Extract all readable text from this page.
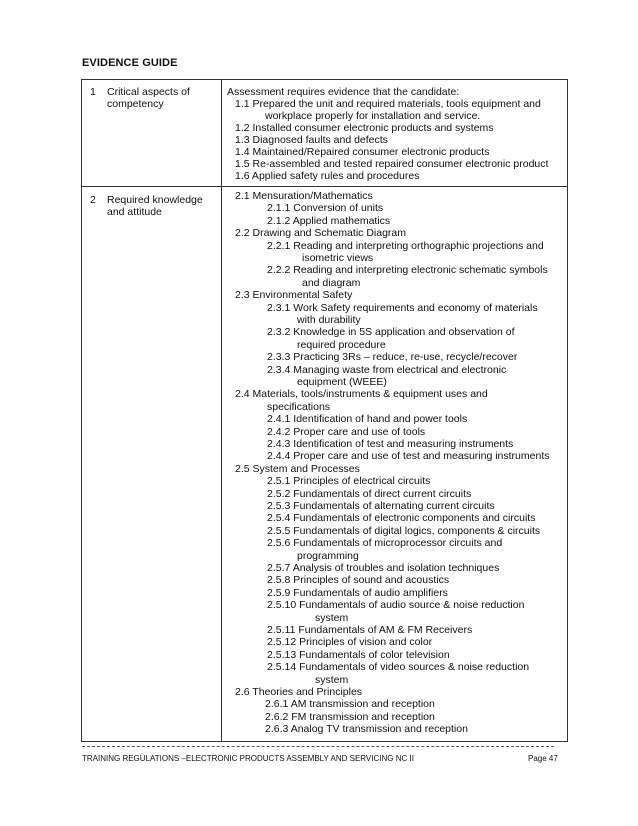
EVIDENCE GUIDE
1 Critical aspects of
competency
Assessment requires evidence that the candidate:
1.1 Prepared the unit and required materials, tools equipment and
workplace properly for installation and service.
1.2 Installed consumer electronic products and systems
1.3 Diagnosed faults and defects
1.4 Maintained/Repaired consumer electronic products
1.5 Re-assembled and tested repaired consumer electronic product
1.6 Applied safety rules and procedures
2 Required knowledge
and attitude
2.1 Mensuration/Mathematics
2.1.1 Conversion of units
2.1.2 Applied mathematics
2.2 Drawing and Schematic Diagram
2.2.1 Reading and interpreting orthographic projections and
isometric views
2.2.2 Reading and interpreting electronic schematic symbols
and diagram
2.3 Environmental Safety
2.3.1 Work Safety requirements and economy of materials
with durability
2.3.2 Knowledge in 5S application and observation of
required procedure
2.3.3 Practicing 3Rs – reduce, re-use, recycle/recover
2.3.4 Managing waste from electrical and electronic
equipment (WEEE)
2.4 Materials, tools/instruments & equipment uses and
specifications
2.4.1 Identification of hand and power tools
2.4.2 Proper care and use of tools
2.4.3 Identification of test and measuring instruments
2.4.4 Proper care and use of test and measuring instruments
2.5 System and Processes
2.5.1 Principles of electrical circuits
2.5.2 Fundamentals of direct current circuits
2.5.3 Fundamentals of alternating current circuits
2.5.4 Fundamentals of electronic components and circuits
2.5.5 Fundamentals of digital logics, components & circuits
2.5.6 Fundamentals of microprocessor circuits and
programming
2.5.7 Analysis of troubles and isolation techniques
2.5.8 Principles of sound and acoustics
2.5.9 Fundamentals of audio amplifiers
2.5.10 Fundamentals of audio source & noise reduction
system
2.5.11 Fundamentals of AM & FM Receivers
2.5.12 Principles of vision and color
2.5.13 Fundamentals of color television
2.5.14 Fundamentals of video sources & noise reduction
system
2.6 Theories and Principles
2.6.1 AM transmission and reception
2.6.2 FM transmission and reception
2.6.3 Analog TV transmission and reception
TRAINING REGULATIONS –ELECTRONIC PRODUCTS ASSEMBLY AND SERVICING NC II	Page 47
